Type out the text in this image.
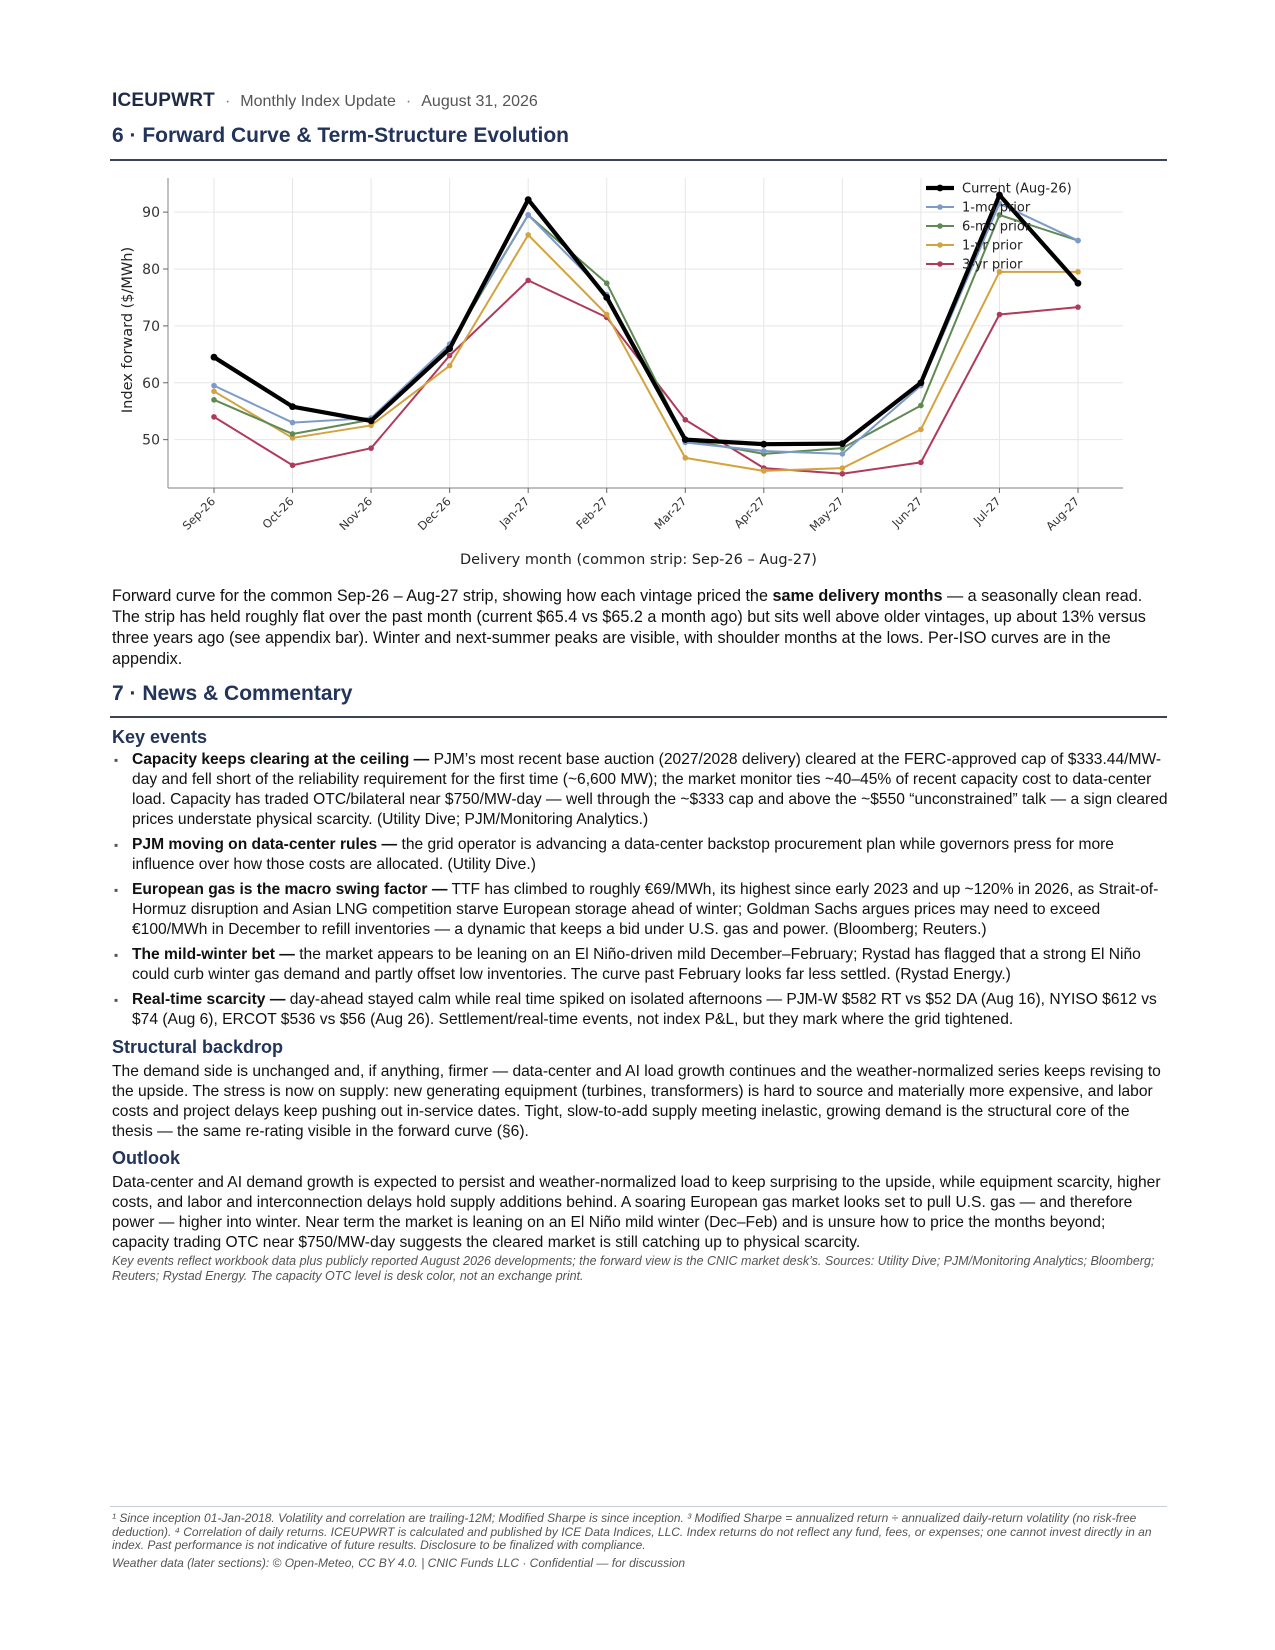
ICEUPWRT · Monthly Index Update · August 31, 2026
6 · Forward Curve & Term-Structure Evolution
50
60
70
80
90
Sep-26	Oct-26	Nov-26	Dec-26	Jan-27	Feb-27	Mar-27	Apr-27	May-27	Jun-27	Jul-27	Aug-27
Delivery month (common strip: Sep-26 – Aug-27)
Index forward ($/MWh)
Current (Aug-26)
1-mo prior
6-mo prior
1-yr prior
3-yr prior
Forward curve for the common Sep-26 – Aug-27 strip, showing how each vintage priced the same delivery months — a seasonally clean read. The strip has held roughly flat over the past month (current $65.4 vs $65.2 a month ago) but sits well above older vintages, up about 13% versus three years ago (see appendix bar). Winter and next-summer peaks are visible, with shoulder months at the lows. Per-ISO curves are in the appendix.
7 · News & Commentary
Key events
▪ Capacity keeps clearing at the ceiling — PJM’s most recent base auction (2027/2028 delivery) cleared at the FERC-approved cap of $333.44/MW-day and fell short of the reliability requirement for the first time (~6,600 MW); the market monitor ties ~40–45% of recent capacity cost to data-center load. Capacity has traded OTC/bilateral near $750/MW-day — well through the ~$333 cap and above the ~$550 “unconstrained” talk — a sign cleared prices understate physical scarcity. (Utility Dive; PJM/Monitoring Analytics.)
▪ PJM moving on data-center rules — the grid operator is advancing a data-center backstop procurement plan while governors press for more influence over how those costs are allocated. (Utility Dive.)
▪ European gas is the macro swing factor — TTF has climbed to roughly €69/MWh, its highest since early 2023 and up ~120% in 2026, as Strait-of-Hormuz disruption and Asian LNG competition starve European storage ahead of winter; Goldman Sachs argues prices may need to exceed €100/MWh in December to refill inventories — a dynamic that keeps a bid under U.S. gas and power. (Bloomberg; Reuters.)
▪ The mild-winter bet — the market appears to be leaning on an El Niño-driven mild December–February; Rystad has flagged that a strong El Niño could curb winter gas demand and partly offset low inventories. The curve past February looks far less settled. (Rystad Energy.)
▪ Real-time scarcity — day-ahead stayed calm while real time spiked on isolated afternoons — PJM-W $582 RT vs $52 DA (Aug 16), NYISO $612 vs $74 (Aug 6), ERCOT $536 vs $56 (Aug 26). Settlement/real-time events, not index P&L, but they mark where the grid tightened.
Structural backdrop
The demand side is unchanged and, if anything, firmer — data-center and AI load growth continues and the weather-normalized series keeps revising to the upside. The stress is now on supply: new generating equipment (turbines, transformers) is hard to source and materially more expensive, and labor costs and project delays keep pushing out in-service dates. Tight, slow-to-add supply meeting inelastic, growing demand is the structural core of the thesis — the same re-rating visible in the forward curve (§6).
Outlook
Data-center and AI demand growth is expected to persist and weather-normalized load to keep surprising to the upside, while equipment scarcity, higher costs, and labor and interconnection delays hold supply additions behind. A soaring European gas market looks set to pull U.S. gas — and therefore power — higher into winter. Near term the market is leaning on an El Niño mild winter (Dec–Feb) and is unsure how to price the months beyond; capacity trading OTC near $750/MW-day suggests the cleared market is still catching up to physical scarcity.
Key events reflect workbook data plus publicly reported August 2026 developments; the forward view is the CNIC market desk’s. Sources: Utility Dive; PJM/Monitoring Analytics; Bloomberg; Reuters; Rystad Energy. The capacity OTC level is desk color, not an exchange print.
¹ Since inception 01-Jan-2018. Volatility and correlation are trailing-12M; Modified Sharpe is since inception. ³ Modified Sharpe = annualized return ÷ annualized daily-return volatility (no risk-free deduction). ⁴ Correlation of daily returns. ICEUPWRT is calculated and published by ICE Data Indices, LLC. Index returns do not reflect any fund, fees, or expenses; one cannot invest directly in an index. Past performance is not indicative of future results. Disclosure to be finalized with compliance.
Weather data (later sections): © Open-Meteo, CC BY 4.0. | CNIC Funds LLC · Confidential — for discussion
